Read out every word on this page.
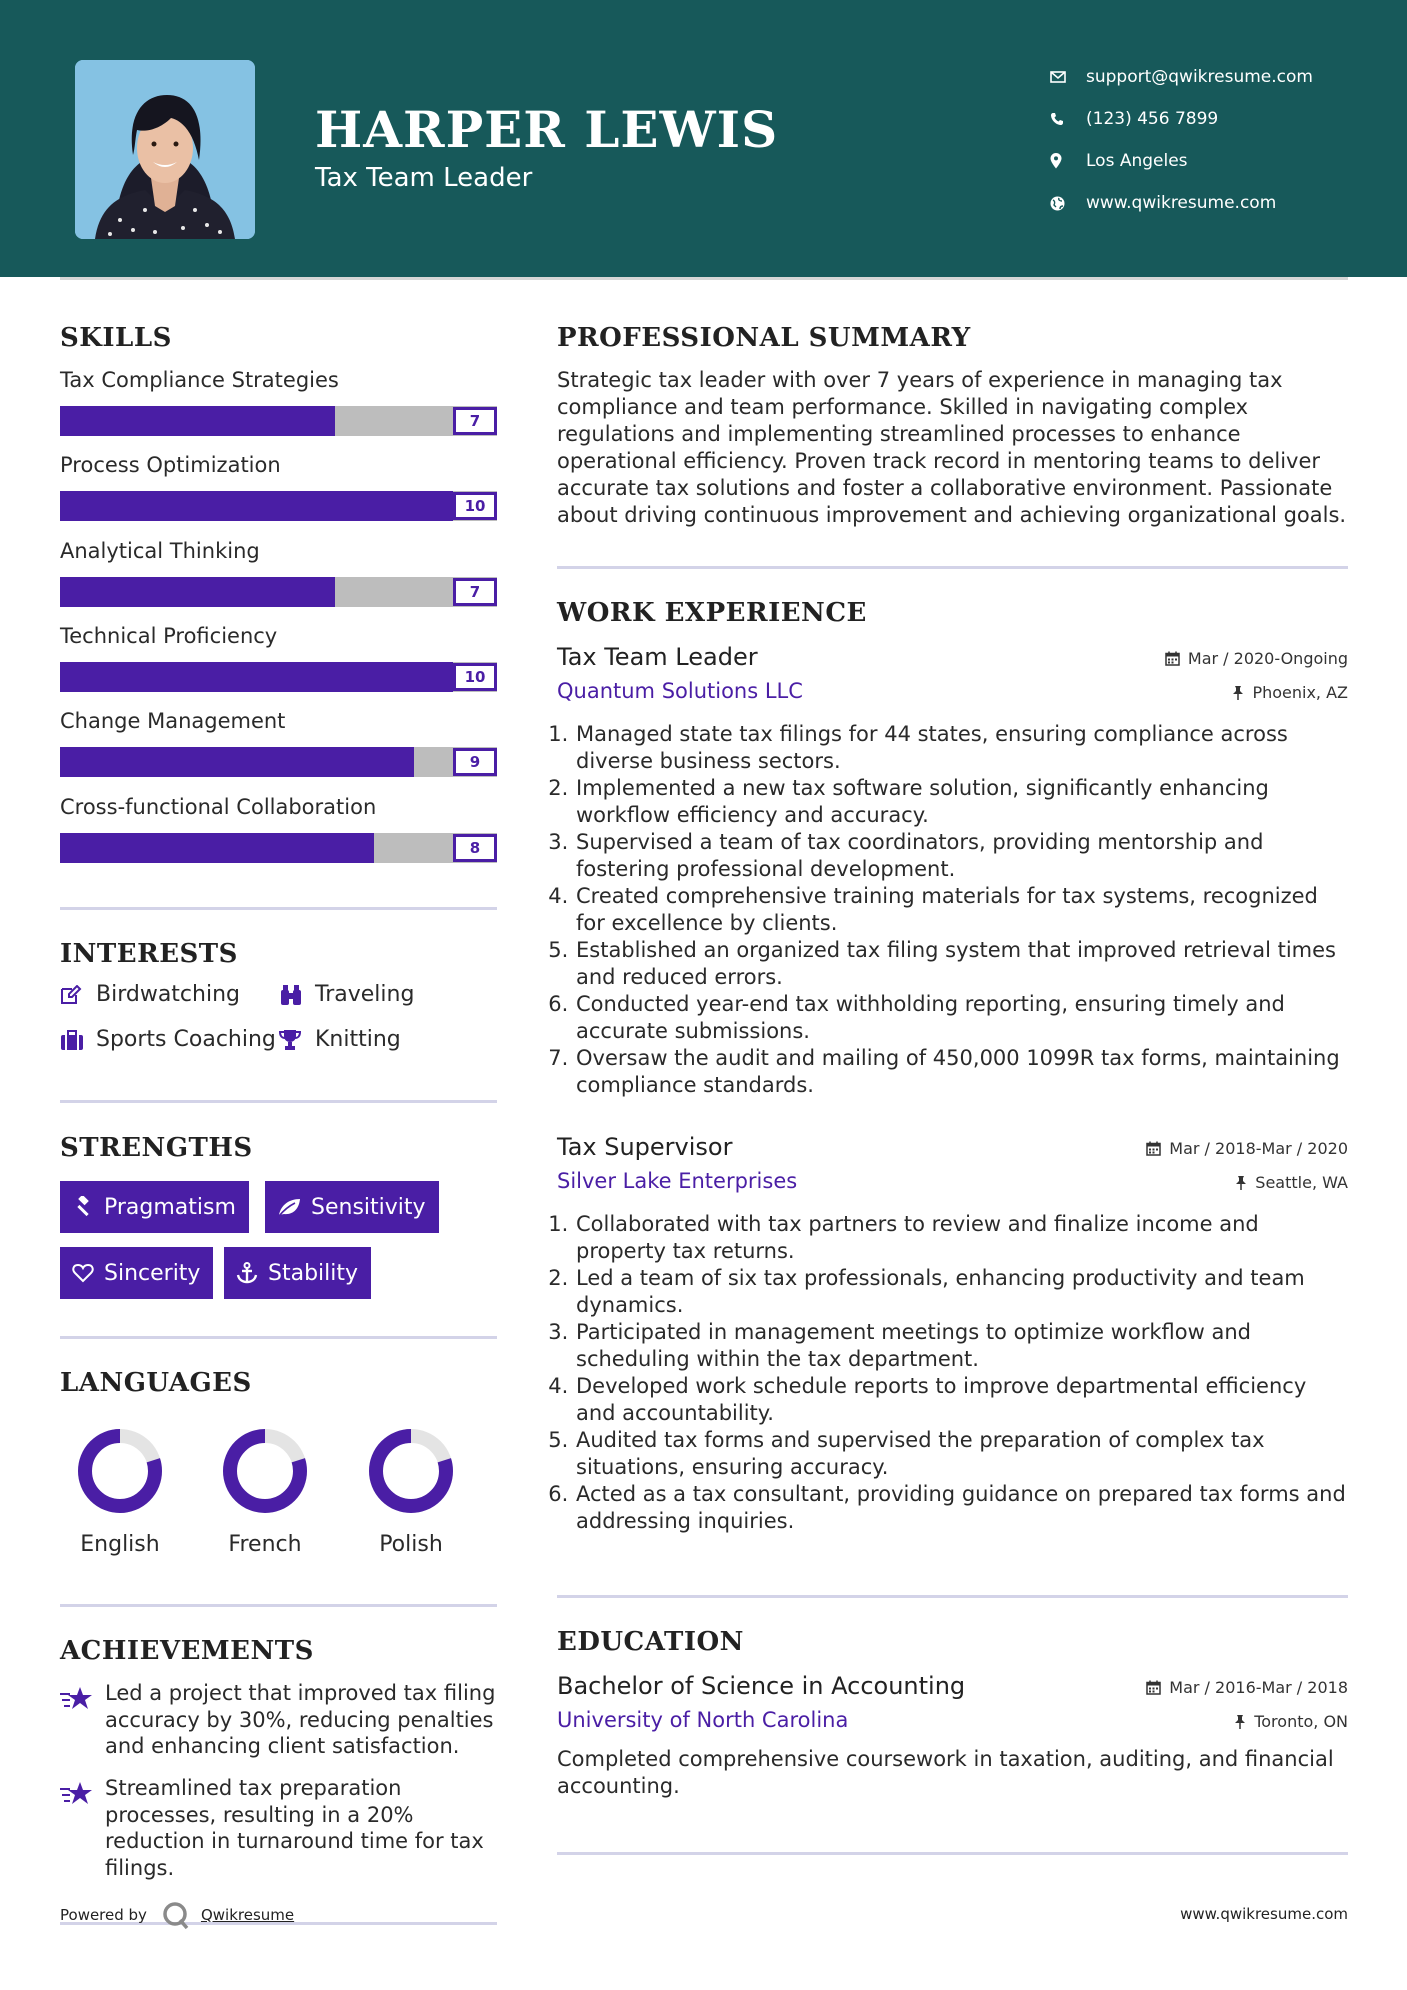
HARPER LEWIS
Tax Team Leader
support@qwikresume.com
(123) 456 7899
Los Angeles
www.qwikresume.com
SKILLS
Tax Compliance Strategies
7
Process Optimization
10
Analytical Thinking
7
Technical Proficiency
10
Change Management
9
Cross-functional Collaboration
8
INTERESTS
Birdwatching	Traveling
Sports Coaching Knitting
STRENGTHS
Pragmatism	Sensitivity
Sincerity	Stability
LANGUAGES
English	French	Polish
ACHIEVEMENTS
Led a project that improved tax filing accuracy by 30%, reducing penalties and enhancing client satisfaction.
Streamlined tax preparation processes, resulting in a 20% reduction in turnaround time for tax filings.
Powered by	Qwikresume
PROFESSIONAL SUMMARY
Strategic tax leader with over 7 years of experience in managing tax compliance and team performance. Skilled in navigating complex regulations and implementing streamlined processes to enhance operational efficiency. Proven track record in mentoring teams to deliver accurate tax solutions and foster a collaborative environment. Passionate about driving continuous improvement and achieving organizational goals.
WORK EXPERIENCE
Tax Team Leader	Mar / 2020-Ongoing
Quantum Solutions LLC	Phoenix, AZ
1. Managed state tax filings for 44 states, ensuring compliance across diverse business sectors.
2. Implemented a new tax software solution, significantly enhancing workflow efficiency and accuracy.
3. Supervised a team of tax coordinators, providing mentorship and fostering professional development.
4. Created comprehensive training materials for tax systems, recognized for excellence by clients.
5. Established an organized tax filing system that improved retrieval times and reduced errors.
6. Conducted year-end tax withholding reporting, ensuring timely and accurate submissions.
7. Oversaw the audit and mailing of 450,000 1099R tax forms, maintaining compliance standards.
Tax Supervisor	Mar / 2018-Mar / 2020
Silver Lake Enterprises	Seattle, WA
1. Collaborated with tax partners to review and finalize income and property tax returns.
2. Led a team of six tax professionals, enhancing productivity and team dynamics.
3. Participated in management meetings to optimize workflow and scheduling within the tax department.
4. Developed work schedule reports to improve departmental efficiency and accountability.
5. Audited tax forms and supervised the preparation of complex tax situations, ensuring accuracy.
6. Acted as a tax consultant, providing guidance on prepared tax forms and addressing inquiries.
EDUCATION
Bachelor of Science in Accounting	Mar / 2016-Mar / 2018
University of North Carolina	Toronto, ON
Completed comprehensive coursework in taxation, auditing, and financial accounting.
www.qwikresume.com
